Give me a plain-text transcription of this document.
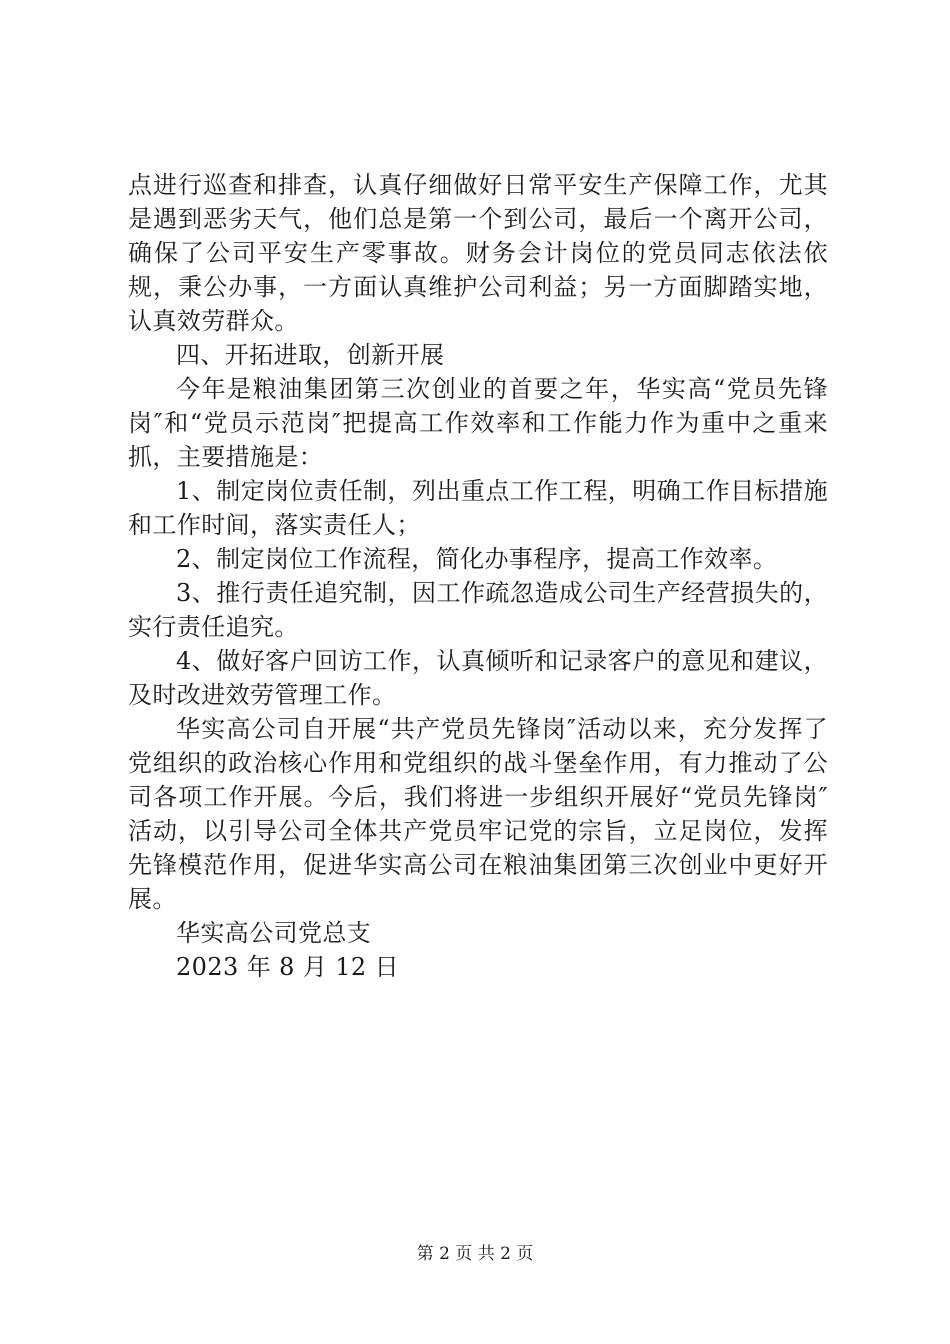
点进行巡查和排查，认真仔细做好日常平安生产保障工作，尤其是遇到恶劣天气，他们总是第一个到公司，最后一个离开公司，确保了公司平安生产零事故。财务会计岗位的党员同志依法依规，秉公办事，一方面认真维护公司利益；另一方面脚踏实地，认真效劳群众。

四、开拓进取，创新开展

今年是粮油集团第三次创业的首要之年，华实高“党员先锋岗″和“党员示范岗″把提高工作效率和工作能力作为重中之重来抓，主要措施是：

1、制定岗位责任制，列出重点工作工程，明确工作目标措施和工作时间，落实责任人；

2、制定岗位工作流程，简化办事程序，提高工作效率。

3、推行责任追究制，因工作疏忽造成公司生产经营损失的，实行责任追究。

4、做好客户回访工作，认真倾听和记录客户的意见和建议，及时改进效劳管理工作。

华实高公司自开展“共产党员先锋岗″活动以来，充分发挥了党组织的政治核心作用和党组织的战斗堡垒作用，有力推动了公司各项工作开展。今后，我们将进一步组织开展好“党员先锋岗″活动，以引导公司全体共产党员牢记党的宗旨，立足岗位，发挥先锋模范作用，促进华实高公司在粮油集团第三次创业中更好开展。

华实高公司党总支

2023 年 8 月 12 日

第 2 页 共 2 页
